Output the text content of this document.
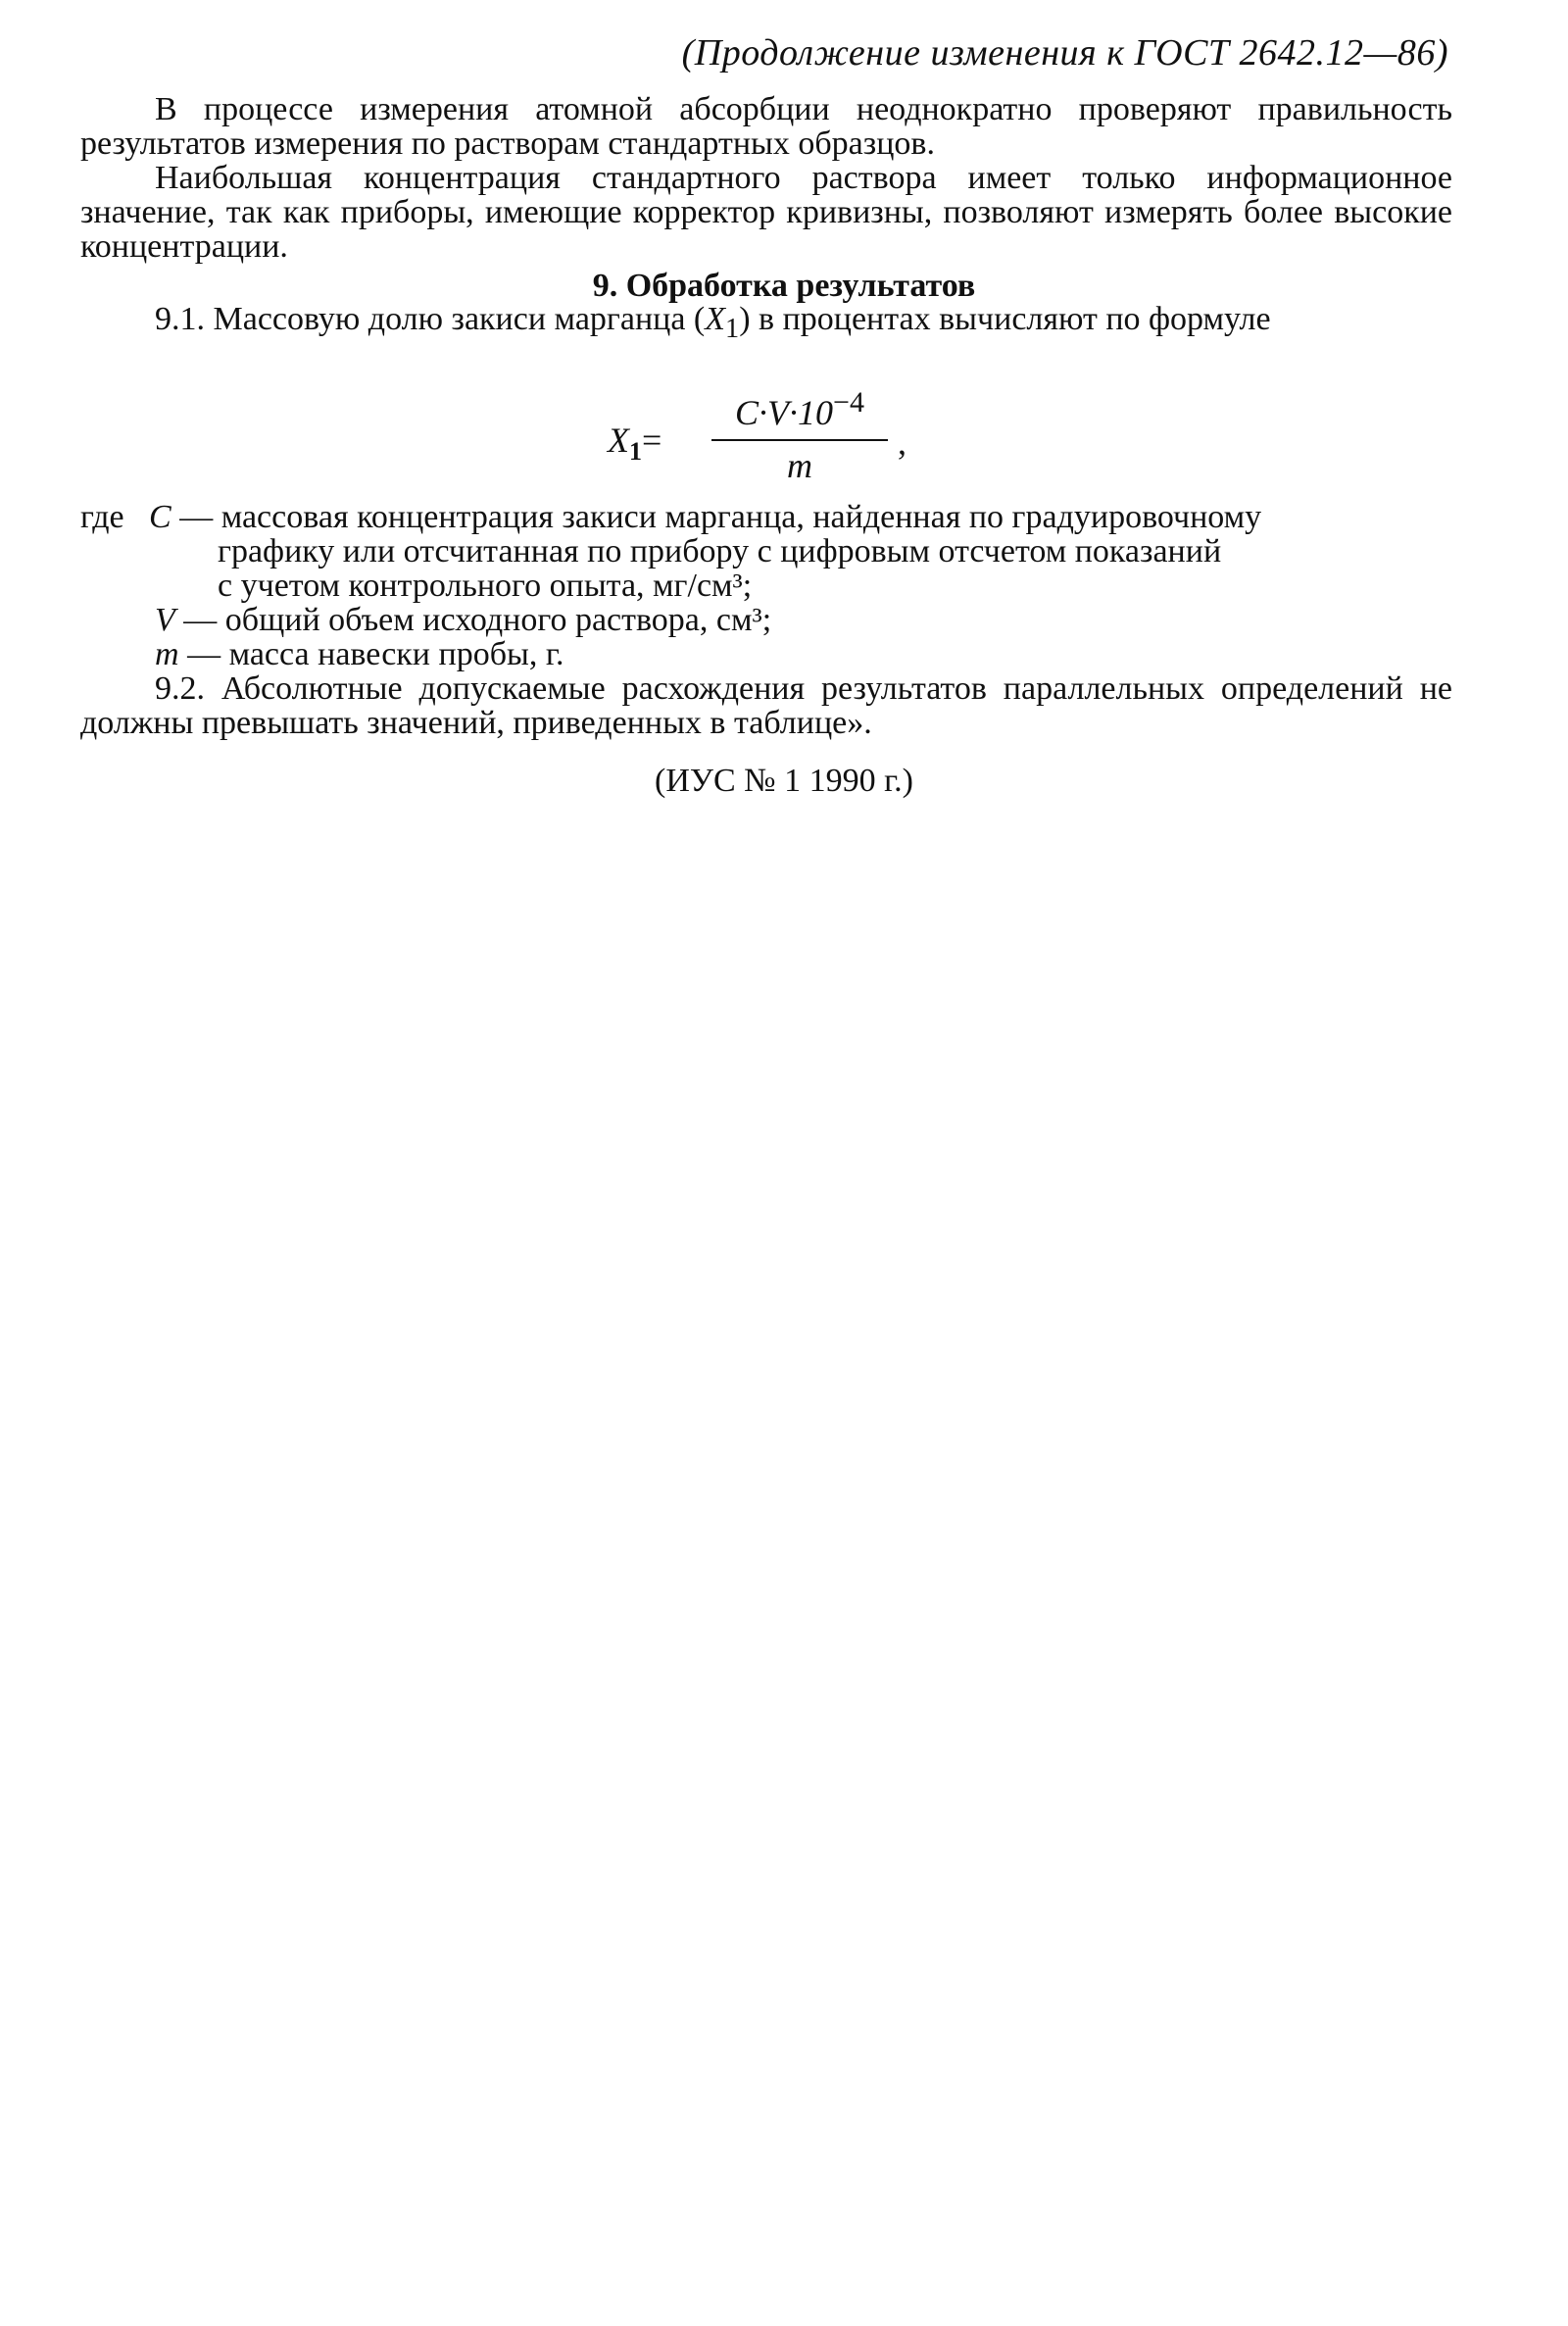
(Продолжение изменения к ГОСТ 2642.12—86)

В процессе измерения атомной абсорбции неоднократно проверяют правильность результатов измерения по растворам стандартных образцов.

Наибольшая концентрация стандартного раствора имеет только информационное значение, так как приборы, имеющие корректор кривизны, позволяют измерять более высокие концентрации.

9. Обработка результатов

9.1. Массовую долю закиси марганца $(X_1)$ в процентах вычисляют по формуле

$X_1=$
$C\cdot V\cdot 10^{-4}$
m
,
где C — массовая концентрация закиси марганца, найденная по градуировочному
графику или отсчитанная по прибору с цифровым отсчетом показаний
с учетом контрольного опыта, мг/см³;
V — общий объем исходного раствора, см³;
m — масса навески пробы, г.

9.2. Абсолютные допускаемые расхождения результатов параллельных определений не должны превышать значений, приведенных в таблице».

(ИУС № 1 1990 г.)
